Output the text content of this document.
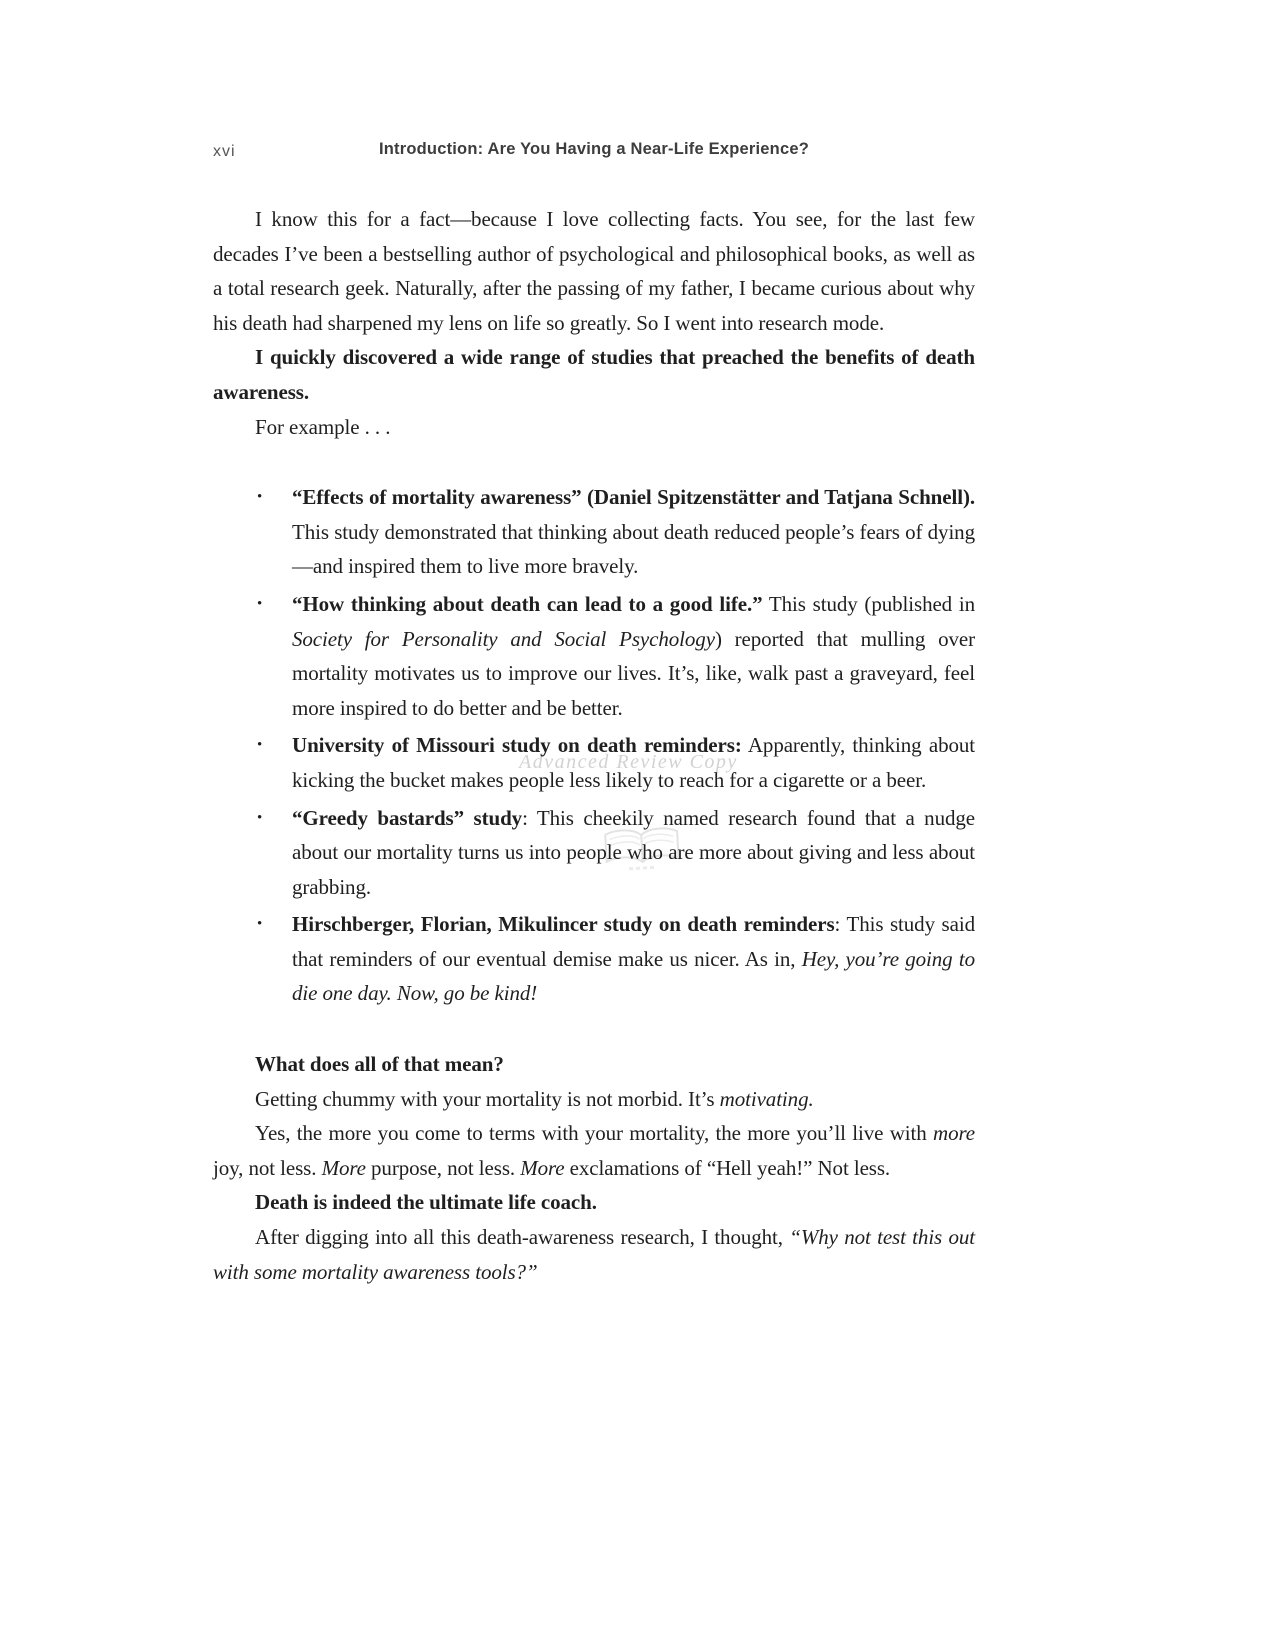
xvi	Introduction: Are You Having a Near-Life Experience?
Advanced Review Copy

I know this for a fact––because I love collecting facts. You see, for the last few decades I’ve been a bestselling author of psychological and philosophical books, as well as a total research geek. Naturally, after the passing of my father, I became curious about why his death had sharpened my lens on life so greatly. So I went into research mode.

I quickly discovered a wide range of studies that preached the benefits of death awareness.

For example . . .

• “Effects of mortality awareness” (Daniel Spitzenstätter and Tatjana Schnell). This study demonstrated that thinking about death reduced people’s fears of dying—and inspired them to live more bravely.
• “How thinking about death can lead to a good life.” This study (published in Society for Personality and Social Psychology) reported that mulling over mortality motivates us to improve our lives. It’s, like, walk past a graveyard, feel more inspired to do better and be better.
• University of Missouri study on death reminders: Apparently, thinking about kicking the bucket makes people less likely to reach for a cigarette or a beer.
• “Greedy bastards” study: This cheekily named research found that a nudge about our mortality turns us into people who are more about giving and less about grabbing.
• Hirschberger, Florian, Mikulincer study on death reminders: This study said that reminders of our eventual demise make us nicer. As in, Hey, you’re going to die one day. Now, go be kind!

What does all of that mean?

Getting chummy with your mortality is not morbid. It’s motivating.

Yes, the more you come to terms with your mortality, the more you’ll live with more joy, not less. More purpose, not less. More exclamations of “Hell yeah!” Not less.

Death is indeed the ultimate life coach.

After digging into all this death-awareness research, I thought, “Why not test this out with some mortality awareness tools?”
